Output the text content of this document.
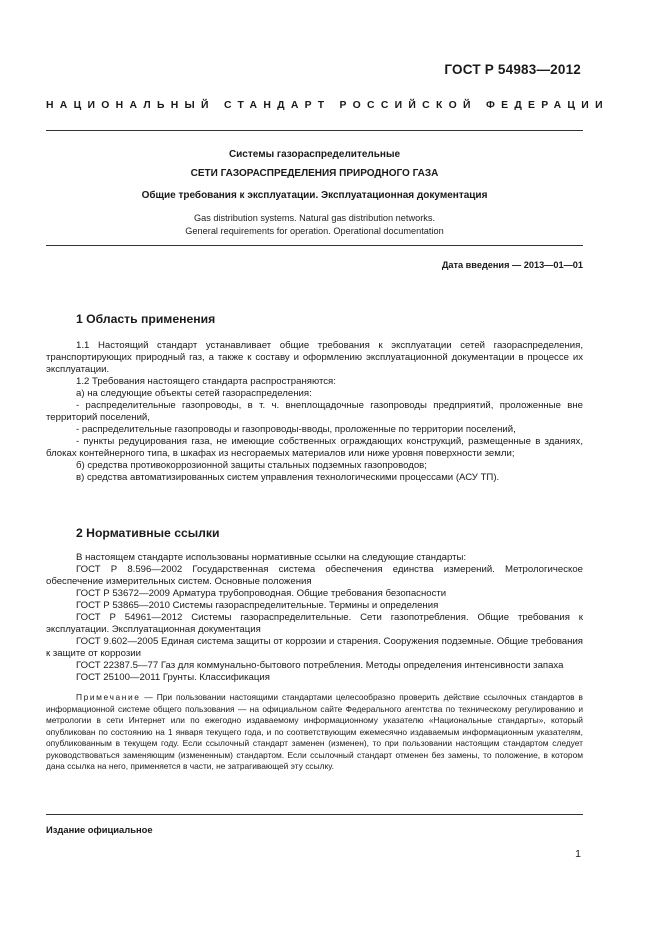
ГОСТ Р 54983—2012
НАЦИОНАЛЬНЫЙ СТАНДАРТ РОССИЙСКОЙ ФЕДЕРАЦИИ
Системы газораспределительные
СЕТИ ГАЗОРАСПРЕДЕЛЕНИЯ ПРИРОДНОГО ГАЗА
Общие требования к эксплуатации. Эксплуатационная документация
Gas distribution systems. Natural gas distribution networks.
General requirements for operation. Operational documentation
Дата введения — 2013—01—01
1 Область применения

1.1 Настоящий стандарт устанавливает общие требования к эксплуатации сетей газораспределения, транспортирующих природный газ, а также к составу и оформлению эксплуатационной документации в процессе их эксплуатации.

1.2 Требования настоящего стандарта распространяются:

а) на следующие объекты сетей газораспределения:

- распределительные газопроводы, в т. ч. внеплощадочные газопроводы предприятий, проложенные вне территорий поселений,

- распределительные газопроводы и газопроводы-вводы, проложенные по территории поселений,

- пункты редуцирования газа, не имеющие собственных ограждающих конструкций, размещенные в зданиях, блоках контейнерного типа, в шкафах из несгораемых материалов или ниже уровня поверхности земли;

б) средства противокоррозионной защиты стальных подземных газопроводов;

в) средства автоматизированных систем управления технологическими процессами (АСУ ТП).

2 Нормативные ссылки

В настоящем стандарте использованы нормативные ссылки на следующие стандарты:

ГОСТ Р 8.596—2002 Государственная система обеспечения единства измерений. Метрологическое обеспечение измерительных систем. Основные положения

ГОСТ Р 53672—2009 Арматура трубопроводная. Общие требования безопасности

ГОСТ Р 53865—2010 Системы газораспределительные. Термины и определения

ГОСТ Р 54961—2012 Системы газораспределительные. Сети газопотребления. Общие требования к эксплуатации. Эксплуатационная документация

ГОСТ 9.602—2005 Единая система защиты от коррозии и старения. Сооружения подземные. Общие требования к защите от коррозии

ГОСТ 22387.5—77 Газ для коммунально-бытового потребления. Методы определения интенсивности запаха

ГОСТ 25100—2011 Грунты. Классификация

Примечание — При пользовании настоящими стандартами целесообразно проверить действие ссылочных стандартов в информационной системе общего пользования — на официальном сайте Федерального агентства по техническому регулированию и метрологии в сети Интернет или по ежегодно издаваемому информационному указателю «Национальные стандарты», который опубликован по состоянию на 1 января текущего года, и по соответствующим ежемесячно издаваемым информационным указателям, опубликованным в текущем году. Если ссылочный стандарт заменен (изменен), то при пользовании настоящим стандартом следует руководствоваться заменяющим (измененным) стандартом. Если ссылочный стандарт отменен без замены, то положение, в котором дана ссылка на него, применяется в части, не затрагивающей эту ссылку.

Издание официальное
1
